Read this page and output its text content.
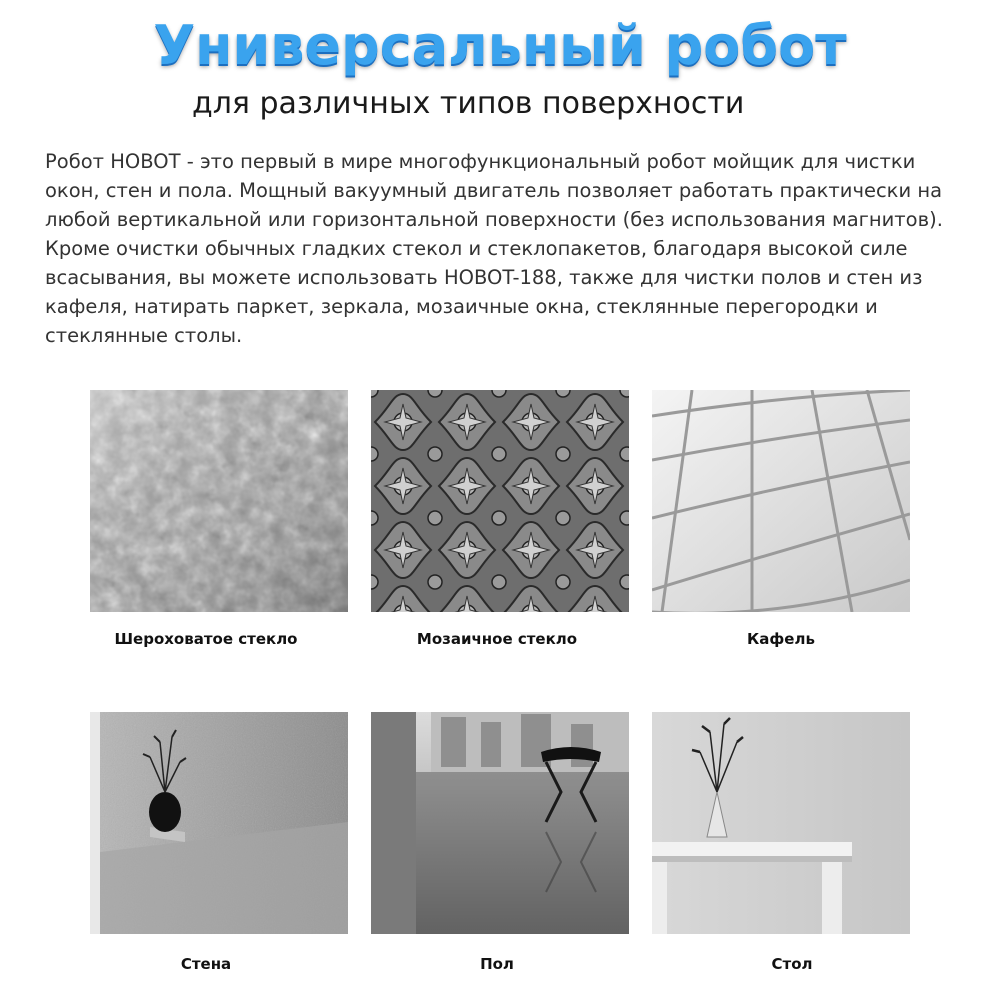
Универсальный робот
для различных типов поверхности
Робот HOBOT - это первый в мире многофункциональный робот мойщик для чистки окон, стен и пола. Мощный вакуумный двигатель позволяет работать практически на любой вертикальной или горизонтальной поверхности (без использования магнитов). Кроме очистки обычных гладких стекол и стеклопакетов, благодаря высокой силе всасывания, вы можете использовать HOBOT-188, также для чистки полов и стен из кафеля, натирать паркет, зеркала, мозаичные окна, стеклянные перегородки и стеклянные столы.
Шероховатое стекло	Мозаичное стекло	Кафель
Стена	Пол	Стол
